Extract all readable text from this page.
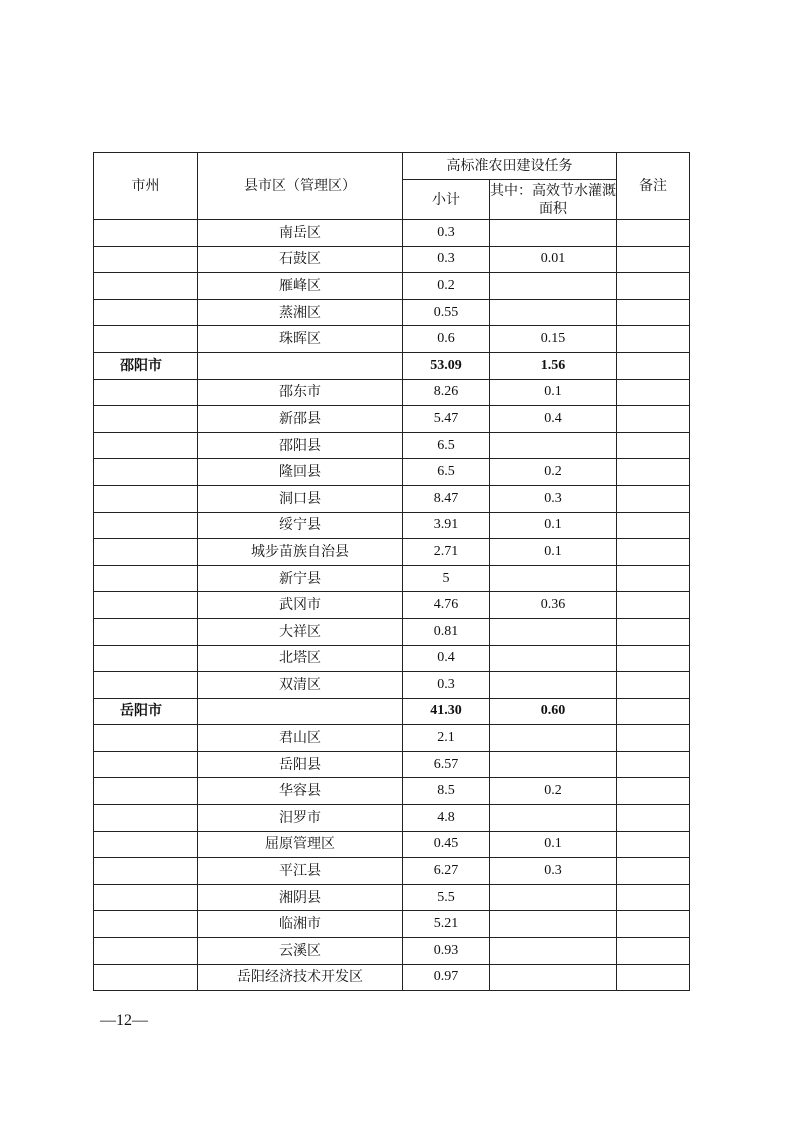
市州	县市区（管理区）	高标准农田建设任务		备注
		小计	其中：高效节水灌溉面积	
	南岳区	0.3		
	石鼓区	0.3	0.01	
	雁峰区	0.2		
	蒸湘区	0.55		
	珠晖区	0.6	0.15	
邵阳市		53.09	1.56	
	邵东市	8.26	0.1	
	新邵县	5.47	0.4	
	邵阳县	6.5		
	隆回县	6.5	0.2	
	洞口县	8.47	0.3	
	绥宁县	3.91	0.1	
	城步苗族自治县	2.71	0.1	
	新宁县	5		
	武冈市	4.76	0.36	
	大祥区	0.81		
	北塔区	0.4		
	双清区	0.3		
岳阳市		41.30	0.60	
	君山区	2.1		
	岳阳县	6.57		
	华容县	8.5	0.2	
	汨罗市	4.8		
	屈原管理区	0.45	0.1	
	平江县	6.27	0.3	
	湘阴县	5.5		
	临湘市	5.21		
	云溪区	0.93		
	岳阳经济技术开发区	0.97		
—12—
